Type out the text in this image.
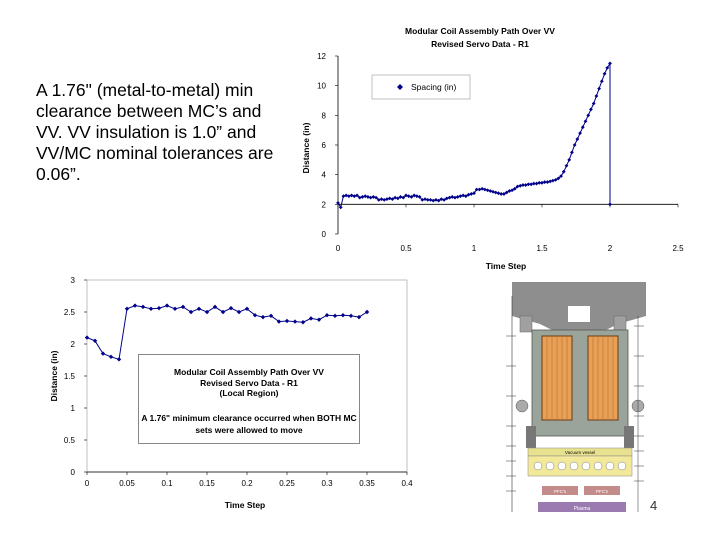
A 1.76" (metal-to-metal) min clearance between MC’s and VV. VV insulation is 1.0” and VV/MC nominal tolerances are 0.06”.

Modular Coil Assembly Path Over VV
Revised Servo Data - R1
0	0.5	1	1.5	2	2.5
0
2
4
6
8
10
12
Spacing (in)
Time Step
Distance (in)
0	0.05	0.1	0.15	0.2	0.25	0.3	0.35	0.4
0
0.5
1
1.5
2
2.5
3
Time Step
Distance (in)	Modular Coil Assembly Path Over VV
Revised Servo Data - R1
(Local Region)
A 1.76" minimum clearance occurred when BOTH MC sets were allowed to move
Vacuum vessel
PFC's	PFC's
Plasma	4
